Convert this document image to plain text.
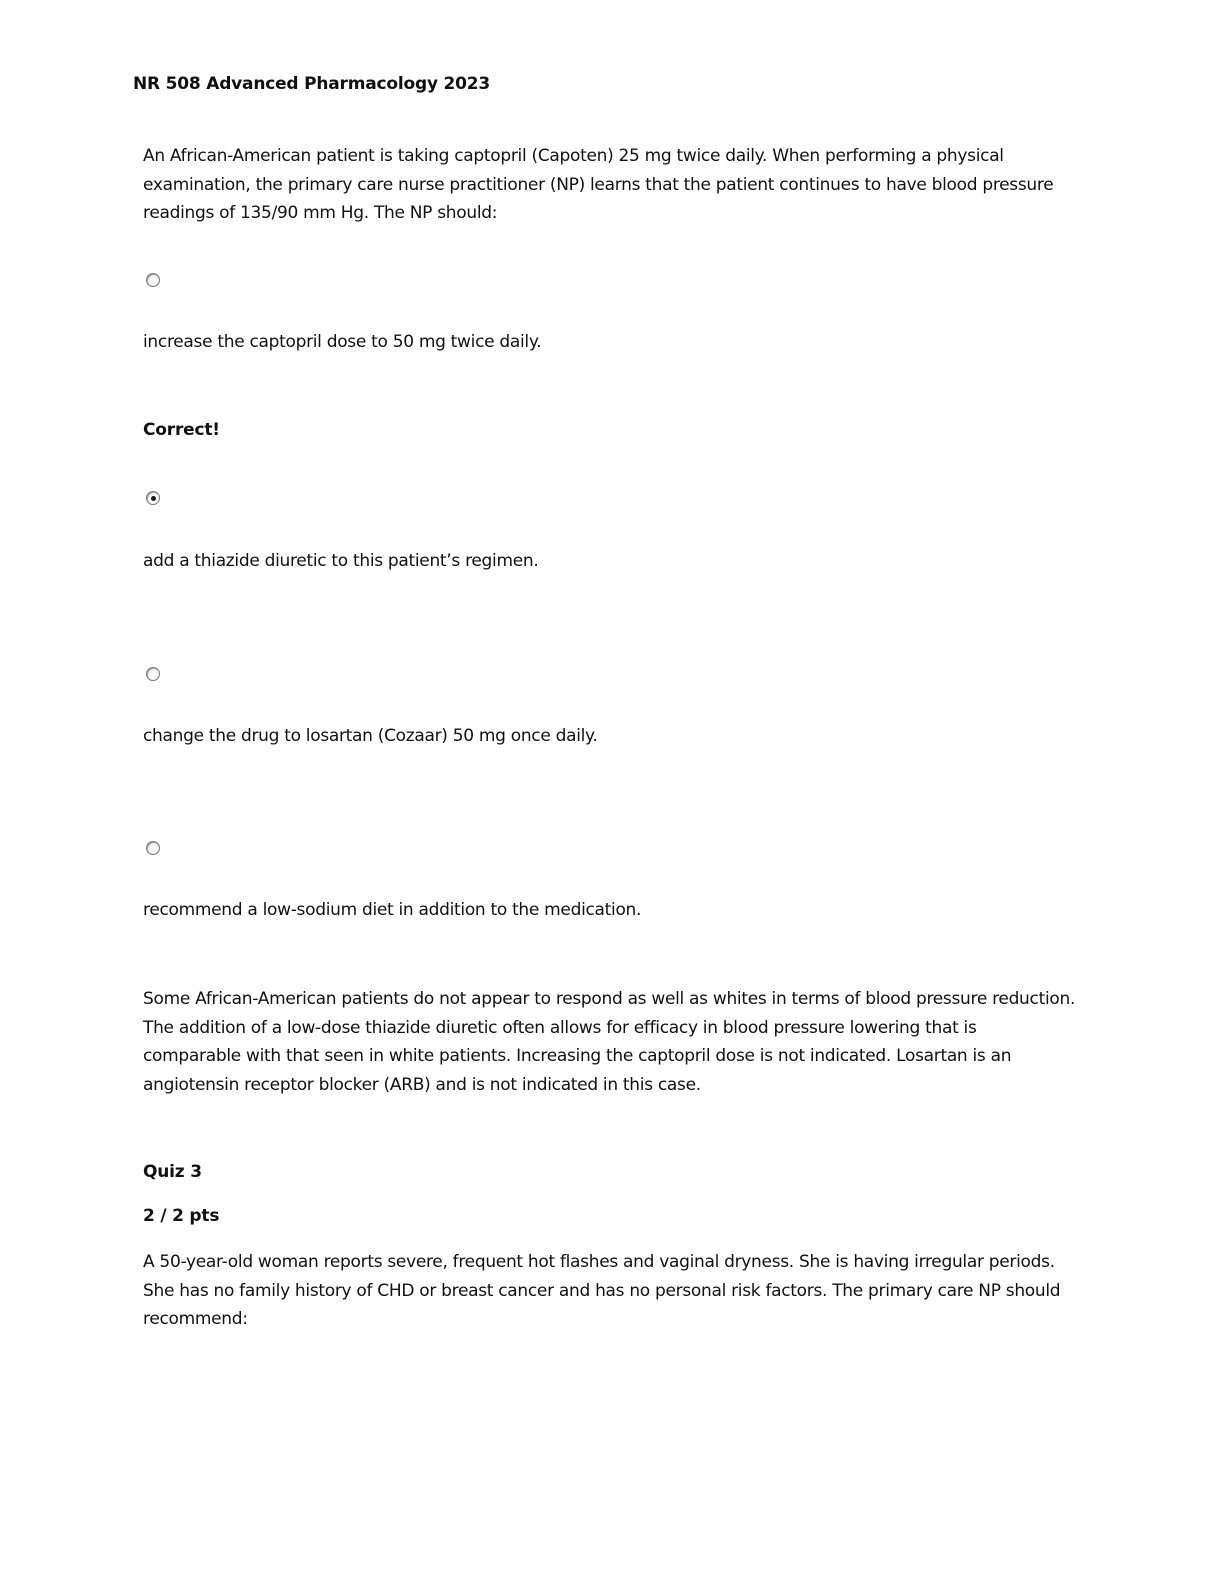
NR 508 Advanced Pharmacology 2023
An African-American patient is taking captopril (Capoten) 25 mg twice daily. When performing a physical examination, the primary care nurse practitioner (NP) learns that the patient continues to have blood pressure readings of 135/90 mm Hg. The NP should:
increase the captopril dose to 50 mg twice daily.
Correct!
add a thiazide diuretic to this patient’s regimen.
change the drug to losartan (Cozaar) 50 mg once daily.
recommend a low-sodium diet in addition to the medication.
Some African-American patients do not appear to respond as well as whites in terms of blood pressure reduction. The addition of a low-dose thiazide diuretic often allows for efficacy in blood pressure lowering that is comparable with that seen in white patients. Increasing the captopril dose is not indicated. Losartan is an angiotensin receptor blocker (ARB) and is not indicated in this case.
Quiz 3
2 / 2 pts
A 50-year-old woman reports severe, frequent hot flashes and vaginal dryness. She is having irregular periods. She has no family history of CHD or breast cancer and has no personal risk factors. The primary care NP should recommend:
